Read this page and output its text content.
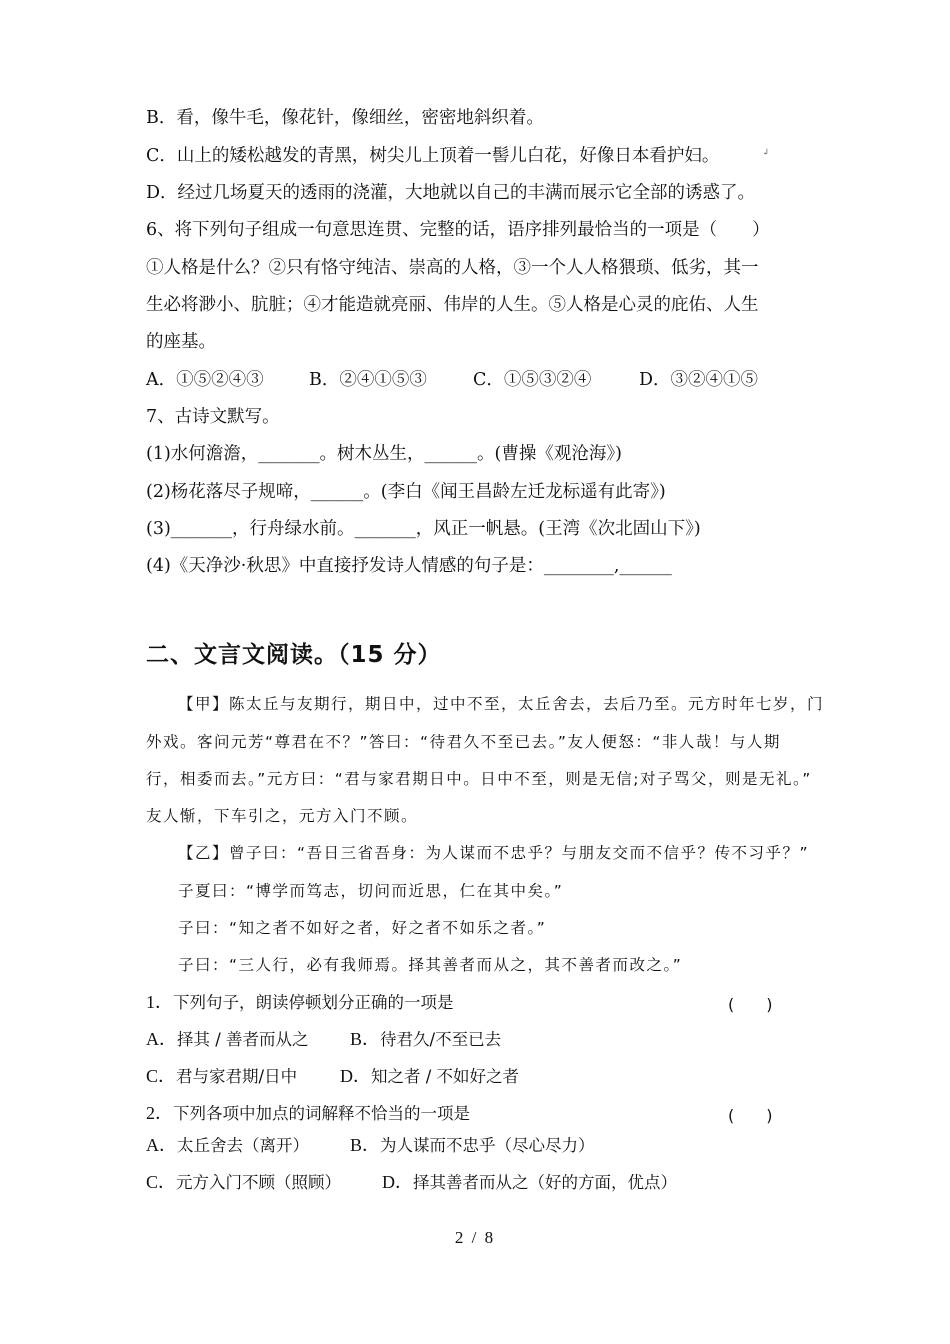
B．看，像牛毛，像花针，像细丝，密密地斜织着。
C．山上的矮松越发的青黑，树尖儿上顶着一髻儿白花，好像日本看护妇。	↲
D．经过几场夏天的透雨的浇灌，大地就以自己的丰满而展示它全部的诱惑了。
6、将下列句子组成一句意思连贯、完整的话，语序排列最恰当的一项是（　　）
①人格是什么？②只有恪守纯洁、崇高的人格，③一个人人格猥琐、低劣，其一
生必将渺小、肮脏；④才能造就亮丽、伟岸的人生。⑤人格是心灵的庇佑、人生
的座基。
A．①⑤②④③	B．②④①⑤③	C．①⑤③②④	D．③②④①⑤
7、古诗文默写。
(1)水何澹澹，_______。树木丛生，______。(曹操《观沧海》)
(2)杨花落尽子规啼，______。(李白《闻王昌龄左迁龙标遥有此寄》)
(3)_______，行舟绿水前。_______，风正一帆悬。(王湾《次北固山下》)
(4)《天净沙·秋思》中直接抒发诗人情感的句子是：________,______
二、文言文阅读。（15 分）
【甲】陈太丘与友期行，期日中，过中不至，太丘舍去，去后乃至。元方时年七岁，门
外戏。客问元芳“尊君在不？”答曰：“待君久不至已去。”友人便怒：“非人哉！与人期
行，相委而去。”元方曰：“君与家君期日中。日中不至，则是无信;对子骂父，则是无礼。”
友人惭，下车引之，元方入门不顾。
【乙】曾子曰：“吾日三省吾身：为人谋而不忠乎？与朋友交而不信乎？传不习乎？”
子夏曰：“博学而笃志，切问而近思，仁在其中矣。”
子曰：“知之者不如好之者，好之者不如乐之者。”
子曰：“三人行，必有我师焉。择其善者而从之，其不善者而改之。”
1．下列句子，朗读停顿划分正确的一项是	(　　)
A．择其 / 善者而从之 B．待君久/不至已去
C．君与家君期/日中 D．知之者 / 不如好之者
2．下列各项中加点的词解释不恰当的一项是	(　　)
A．太丘舍去（离开） B．为人谋而不忠乎（尽心尽力）
C．元方入门不顾（照顾） D．择其善者而从之（好的方面，优点）
2 / 8
